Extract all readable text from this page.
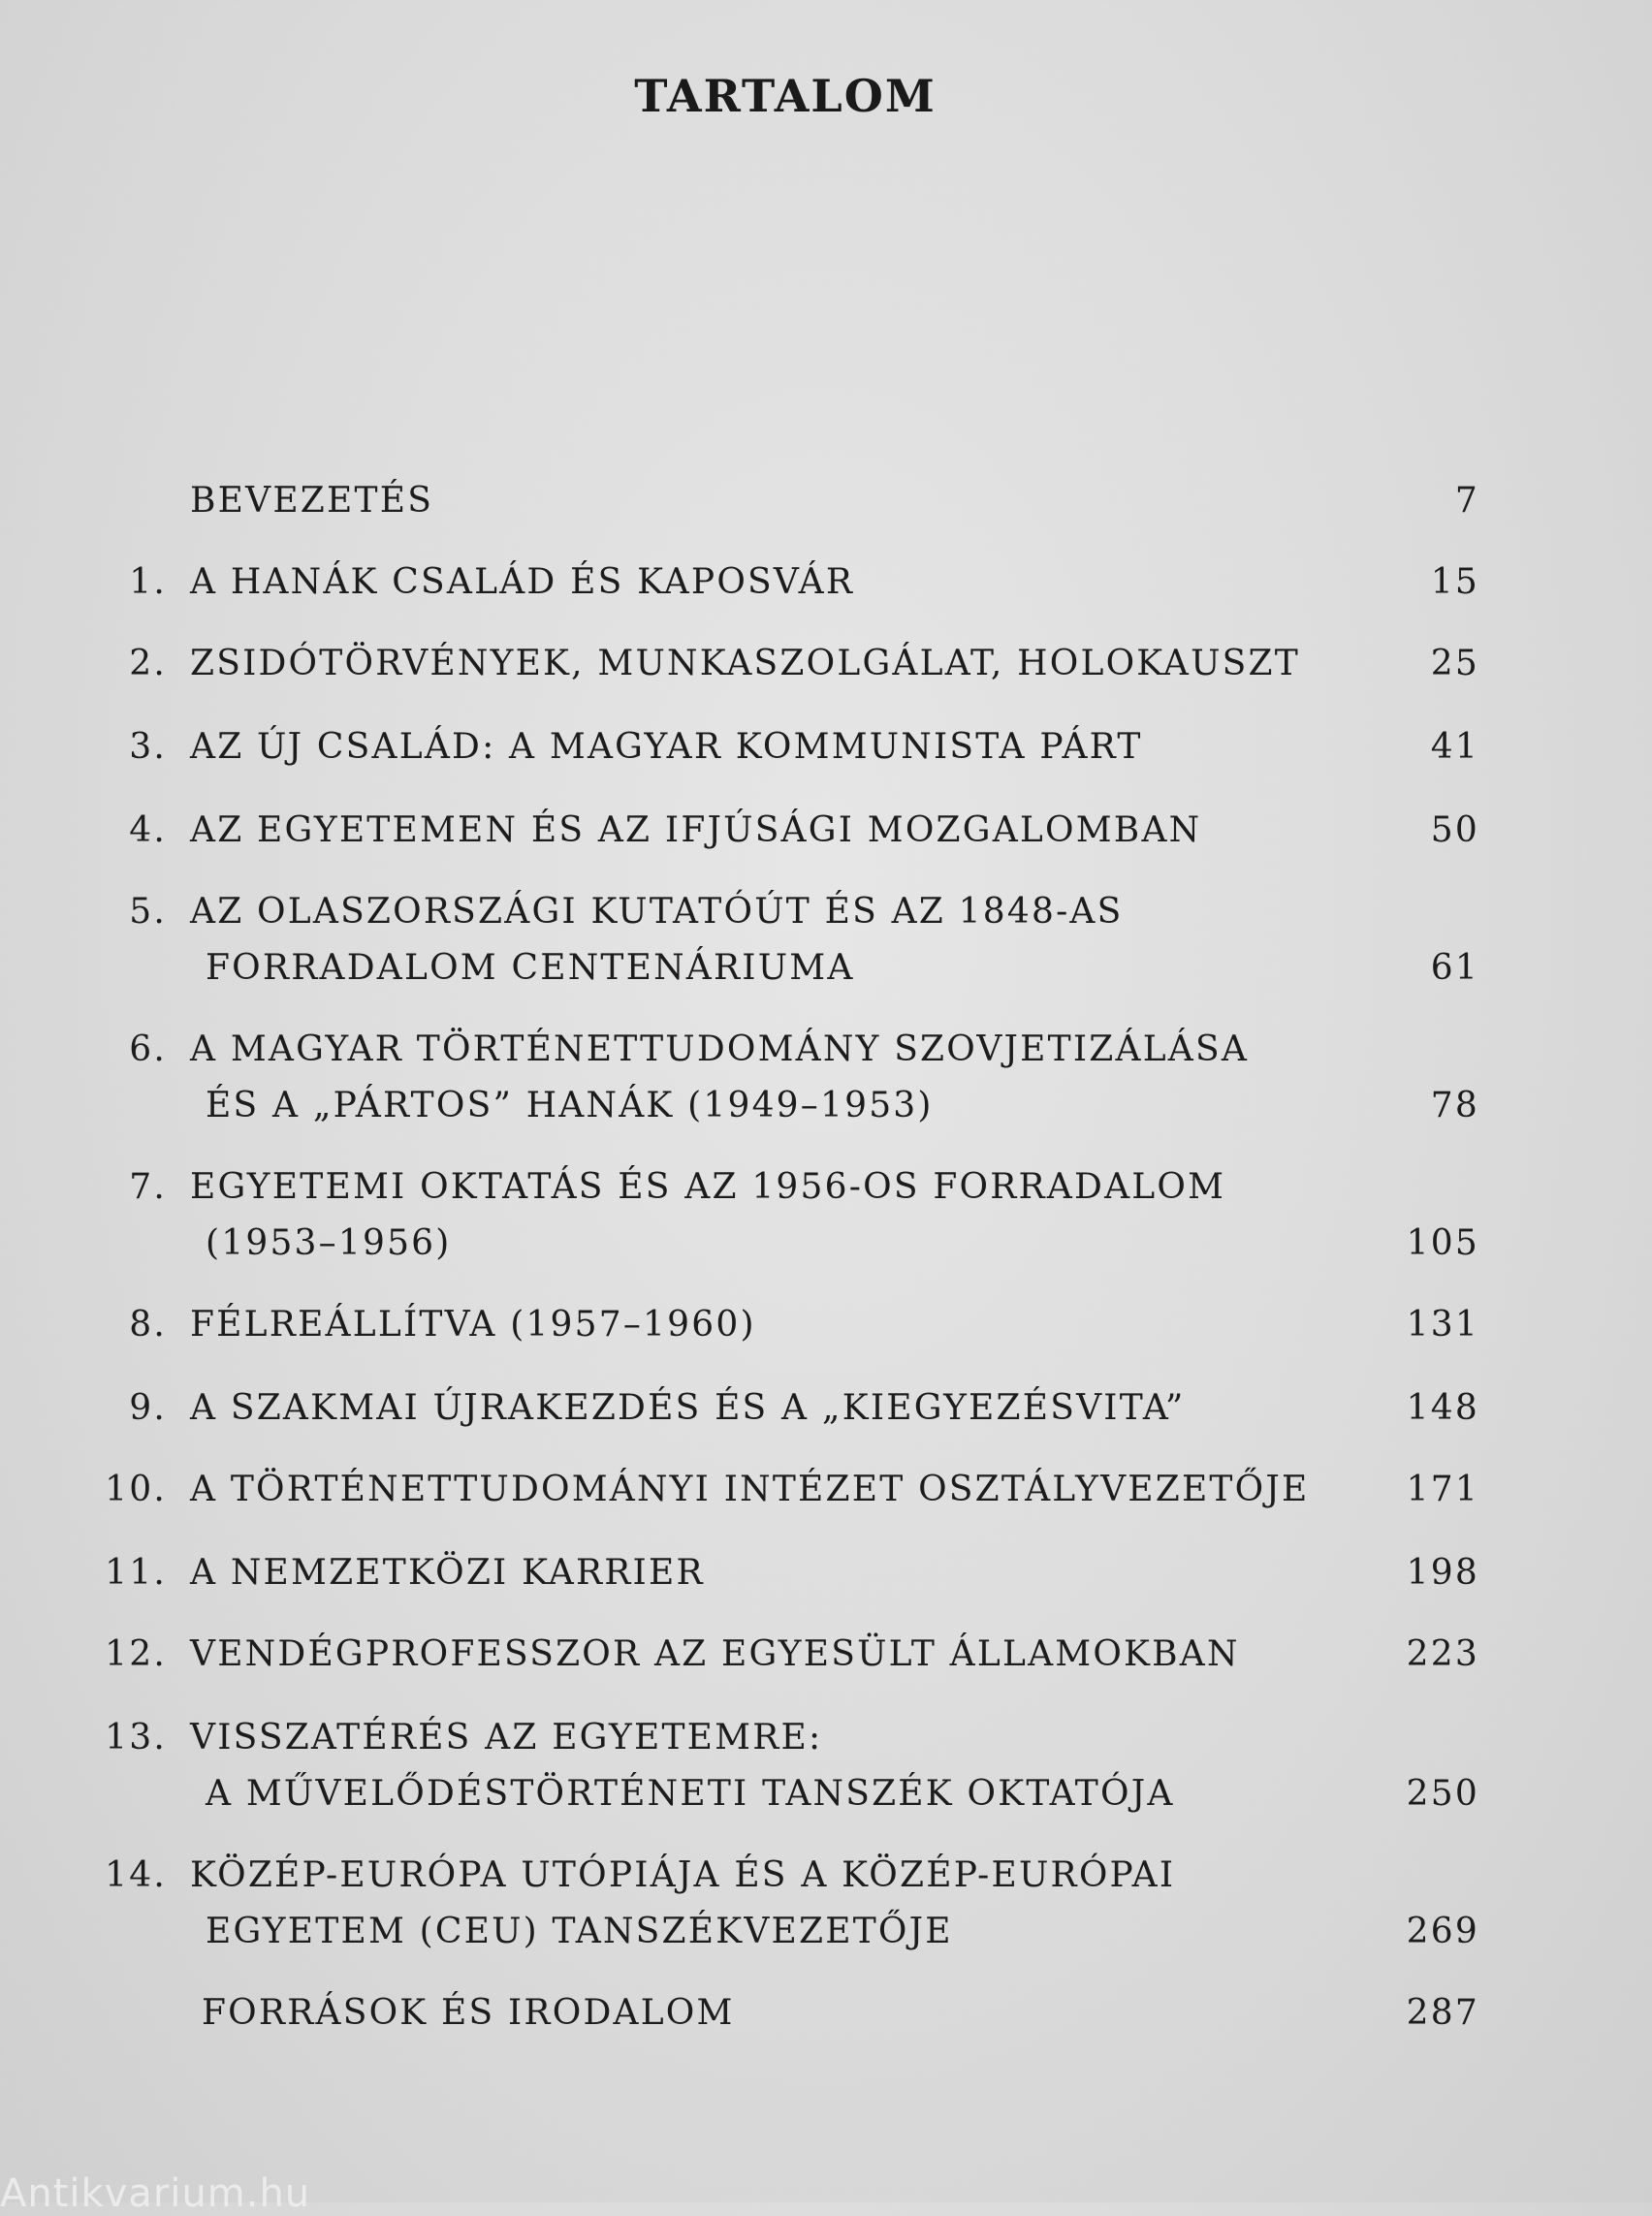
TARTALOM
BEVEZETÉS	7
1. A HANÁK CSALÁD ÉS KAPOSVÁR	15
2. ZSIDÓTÖRVÉNYEK, MUNKASZOLGÁLAT, HOLOKAUSZT	25
3. AZ ÚJ CSALÁD: A MAGYAR KOMMUNISTA PÁRT	41
4. AZ EGYETEMEN ÉS AZ IFJÚSÁGI MOZGALOMBAN	50
5. AZ OLASZORSZÁGI KUTATÓÚT ÉS AZ 1848-AS
FORRADALOM CENTENÁRIUMA	61
6. A MAGYAR TÖRTÉNETTUDOMÁNY SZOVJETIZÁLÁSA
ÉS A „PÁRTOS” HANÁK (1949–1953)	78
7. EGYETEMI OKTATÁS ÉS AZ 1956-OS FORRADALOM
(1953–1956)	105
8. FÉLREÁLLÍTVA (1957–1960)	131
9. A SZAKMAI ÚJRAKEZDÉS ÉS A „KIEGYEZÉSVITA”	148
10. A TÖRTÉNETTUDOMÁNYI INTÉZET OSZTÁLYVEZETŐJE	171
11. A NEMZETKÖZI KARRIER	198
12. VENDÉGPROFESSZOR AZ EGYESÜLT ÁLLAMOKBAN	223
13. VISSZATÉRÉS AZ EGYETEMRE:
A MŰVELŐDÉSTÖRTÉNETI TANSZÉK OKTATÓJA	250
14. KÖZÉP-EURÓPA UTÓPIÁJA ÉS A KÖZÉP-EURÓPAI
EGYETEM (CEU) TANSZÉKVEZETŐJE	269
FORRÁSOK ÉS IRODALOM	287
Antikvarium.hu
